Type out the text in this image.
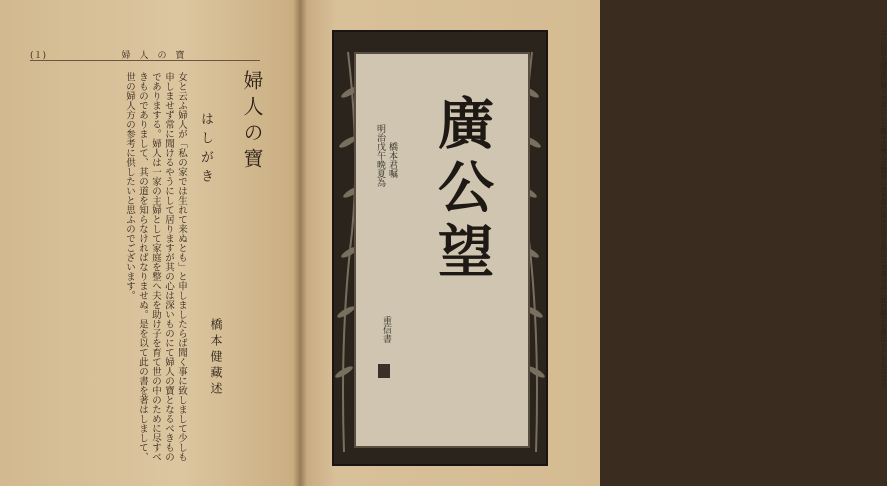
(１)	婦　人　の　寶
婦人の寶
はしがき
橋本健藏述
女と云ふ婦人が「私の家では生れて来ぬとも」と申しましたらば聞く事に致しまして少しも申しませず常に聞けるやうにして居りますが其の心は深いものにて婦人の寶となるべきものでありまする。婦人は一家の主婦として家庭を整へ夫を助け子を育て世の中のために尽すべきものでありまして、其の道を知らなければなりませぬ。是を以て此の書を著はしまして、世の婦人方の参考に供したいと思ふのでございます。	右は伯爵大隈重信閣下の書にして閣下は婦人の教育に就き常に深き注意を拂はれ本書の為に此の題字を賜はりたるものなり
廣公望
明治戊午晩夏為 橋本君嘱
重信書
